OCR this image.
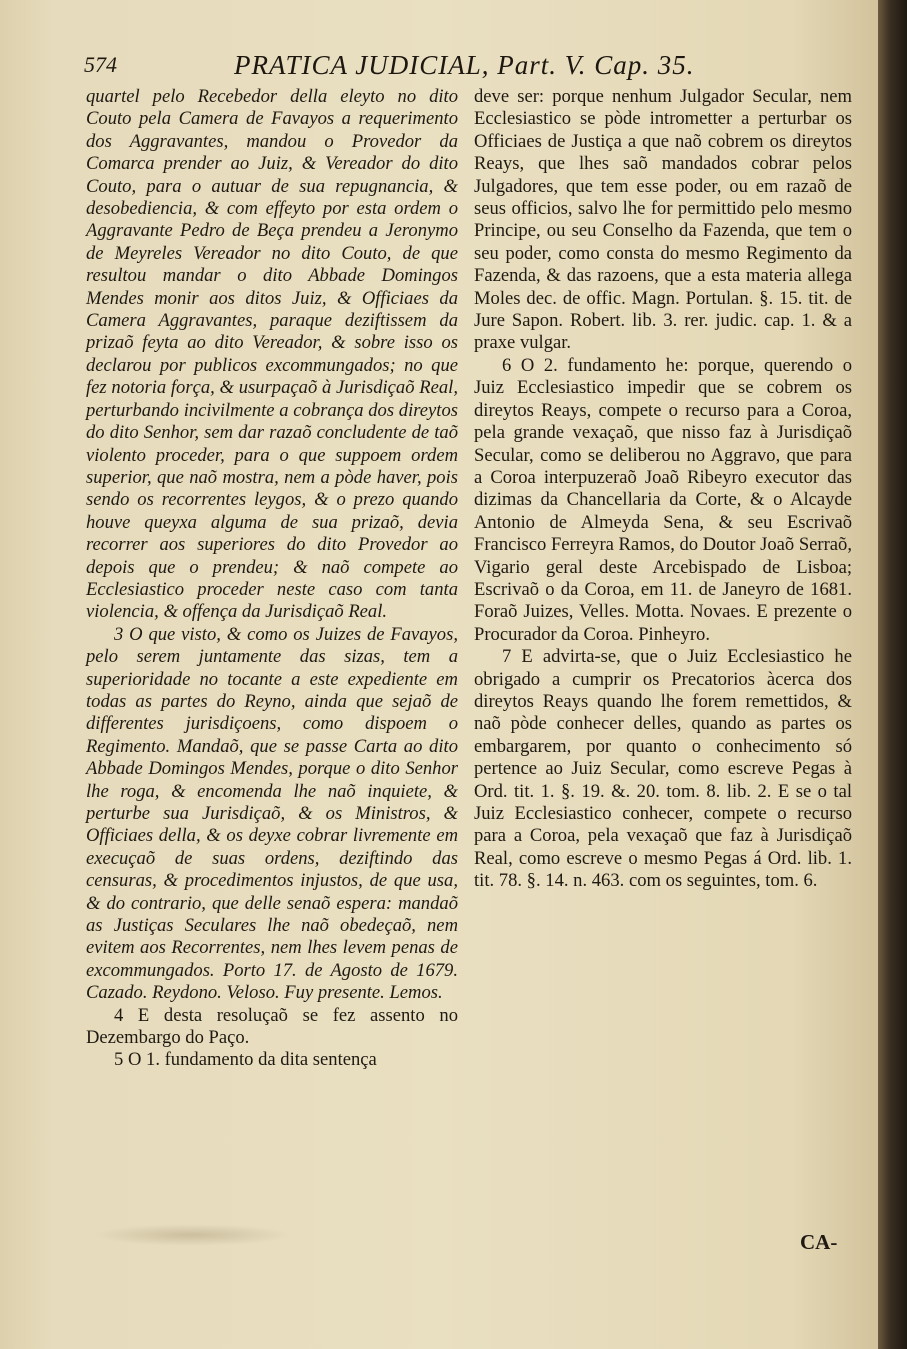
574	PRATICA JUDICIAL, Part. V. Cap. 35.

quartel pelo Recebedor della eleyto no dito Couto pela Camera de Favayos a requerimento dos Aggravantes, mandou o Provedor da Comarca prender ao Juiz, & Vereador do dito Couto, para o autuar de sua repugnancia, & desobediencia, & com effeyto por esta ordem o Aggravante Pedro de Beça prendeu a Jeronymo de Meyreles Vereador no dito Couto, de que resultou mandar o dito Abbade Domingos Mendes monir aos ditos Juiz, & Officiaes da Camera Aggravantes, paraque deziftissem da prizaõ feyta ao dito Vereador, & sobre isso os declarou por publicos excommungados; no que fez notoria força, & usurpaçaõ à Jurisdiçaõ Real, perturbando incivilmente a cobrança dos direytos do dito Senhor, sem dar razaõ concludente de taõ violento proceder, para o que suppoem ordem superior, que naõ mostra, nem a pòde haver, pois sendo os recorrentes leygos, & o prezo quando houve queyxa alguma de sua prizaõ, devia recorrer aos superiores do dito Provedor ao depois que o prendeu; & naõ compete ao Ecclesiastico proceder neste caso com tanta violencia, & offença da Jurisdiçaõ Real.

3 O que visto, & como os Juizes de Favayos, pelo serem juntamente das sizas, tem a superioridade no tocante a este expediente em todas as partes do Reyno, ainda que sejaõ de differentes jurisdiçoens, como dispoem o Regimento. Mandaõ, que se passe Carta ao dito Abbade Domingos Mendes, porque o dito Senhor lhe roga, & encomenda lhe naõ inquiete, & perturbe sua Jurisdiçaõ, & os Ministros, & Officiaes della, & os deyxe cobrar livremente em execuçaõ de suas ordens, deziftindo das censuras, & procedimentos injustos, de que usa, & do contrario, que delle senaõ espera: mandaõ as Justiças Seculares lhe naõ obedeçaõ, nem evitem aos Recorrentes, nem lhes levem penas de excommungados. Porto 17. de Agosto de 1679. Cazado. Reydono. Veloso. Fuy presente. Lemos.

4 E desta resoluçaõ se fez assento no Dezembargo do Paço.

5 O 1. fundamento da dita sentença

deve ser: porque nenhum Julgador Secular, nem Ecclesiastico se pòde intrometter a perturbar os Officiaes de Justiça a que naõ cobrem os direytos Reays, que lhes saõ mandados cobrar pelos Julgadores, que tem esse poder, ou em razaõ de seus officios, salvo lhe for permittido pelo mesmo Principe, ou seu Conselho da Fazenda, que tem o seu poder, como consta do mesmo Regimento da Fazenda, & das razoens, que a esta materia allega Moles dec. de offic. Magn. Portulan. §. 15. tit. de Jure Sapon. Robert. lib. 3. rer. judic. cap. 1. & a praxe vulgar.

6 O 2. fundamento he: porque, querendo o Juiz Ecclesiastico impedir que se cobrem os direytos Reays, compete o recurso para a Coroa, pela grande vexaçaõ, que nisso faz à Jurisdiçaõ Secular, como se deliberou no Aggravo, que para a Coroa interpuzeraõ Joaõ Ribeyro executor das dizimas da Chancellaria da Corte, & o Alcayde Antonio de Almeyda Sena, & seu Escrivaõ Francisco Ferreyra Ramos, do Doutor Joaõ Serraõ, Vigario geral deste Arcebispado de Lisboa; Escrivaõ o da Coroa, em 11. de Janeyro de 1681. Foraõ Juizes, Velles. Motta. Novaes. E prezente o Procurador da Coroa. Pinheyro.

7 E advirta-se, que o Juiz Ecclesiastico he obrigado a cumprir os Precatorios àcerca dos direytos Reays quando lhe forem remettidos, & naõ pòde conhecer delles, quando as partes os embargarem, por quanto o conhecimento só pertence ao Juiz Secular, como escreve Pegas à Ord. tit. 1. §. 19. &. 20. tom. 8. lib. 2. E se o tal Juiz Ecclesiastico conhecer, compete o recurso para a Coroa, pela vexaçaõ que faz à Jurisdiçaõ Real, como escreve o mesmo Pegas á Ord. lib. 1. tit. 78. §. 14. n. 463. com os seguintes, tom. 6.

CA-
